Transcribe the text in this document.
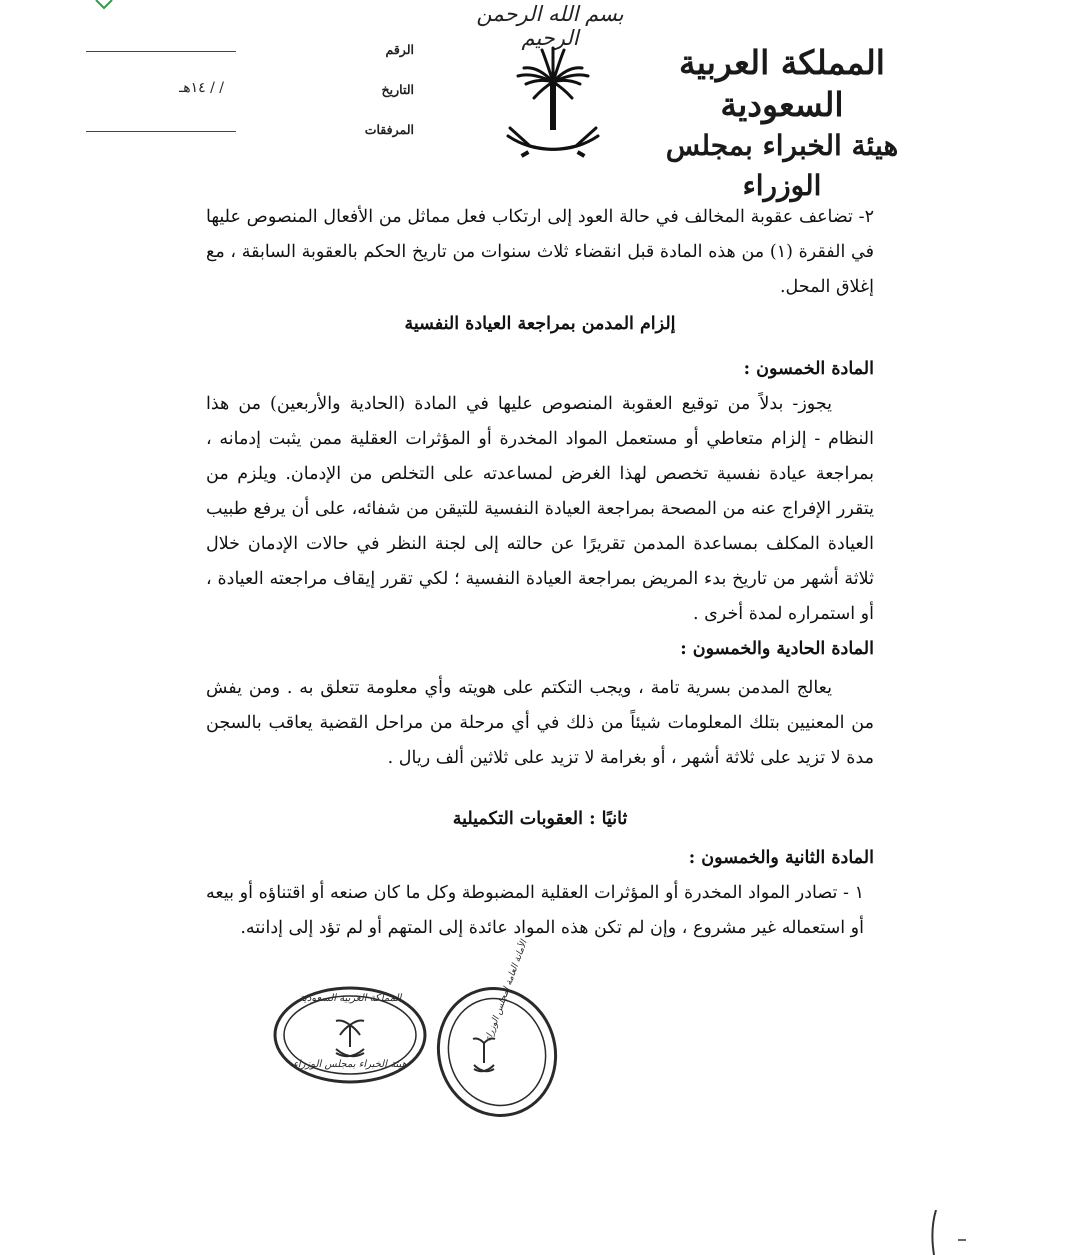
بسم الله الرحمن الرحيم
المملكة العربية السعودية
هيئة الخبراء بمجلس الوزراء
الرقم
التاريخ
/ / ١٤هـ
المرفقات

٢- تضاعف عقوبة المخالف في حالة العود إلى ارتكاب فعل مماثل من الأفعال المنصوص عليها في الفقرة (١) من هذه المادة قبل انقضاء ثلاث سنوات من تاريخ الحكم بالعقوبة السابقة ، مع إغلاق المحل.

إلزام المدمن بمراجعة العيادة النفسية
المادة الخمسون :

يجوز- بدلاً من توقيع العقوبة المنصوص عليها في المادة (الحادية والأربعين) من هذا النظام - إلزام متعاطي أو مستعمل المواد المخدرة أو المؤثرات العقلية ممن يثبت إدمانه ، بمراجعة عيادة نفسية تخصص لهذا الغرض لمساعدته على التخلص من الإدمان. ويلزم من يتقرر الإفراج عنه من المصحة بمراجعة العيادة النفسية للتيقن من شفائه، على أن يرفع طبيب العيادة المكلف بمساعدة المدمن تقريرًا عن حالته إلى لجنة النظر في حالات الإدمان خلال ثلاثة أشهر من تاريخ بدء المريض بمراجعة العيادة النفسية ؛ لكي تقرر إيقاف مراجعته العيادة ، أو استمراره لمدة أخرى .

المادة الحادية والخمسون :

يعالج المدمن بسرية تامة ، ويجب التكتم على هويته وأي معلومة تتعلق به . ومن يفش من المعنيين بتلك المعلومات شيئاً من ذلك في أي مرحلة من مراحل القضية يعاقب بالسجن مدة لا تزيد على ثلاثة أشهر ، أو بغرامة لا تزيد على ثلاثين ألف ريال .

ثانيًا : العقوبات التكميلية
المادة الثانية والخمسون :

١ - تصادر المواد المخدرة أو المؤثرات العقلية المضبوطة وكل ما كان صنعه أو اقتناؤه أو بيعه أو استعماله غير مشروع ، وإن لم تكن هذه المواد عائدة إلى المتهم أو لم تؤد إلى إدانته.

المملكة العربية السعودية
هيئة الخبراء بمجلس الوزراء
الأمانة العامة لمجلس الوزراء
